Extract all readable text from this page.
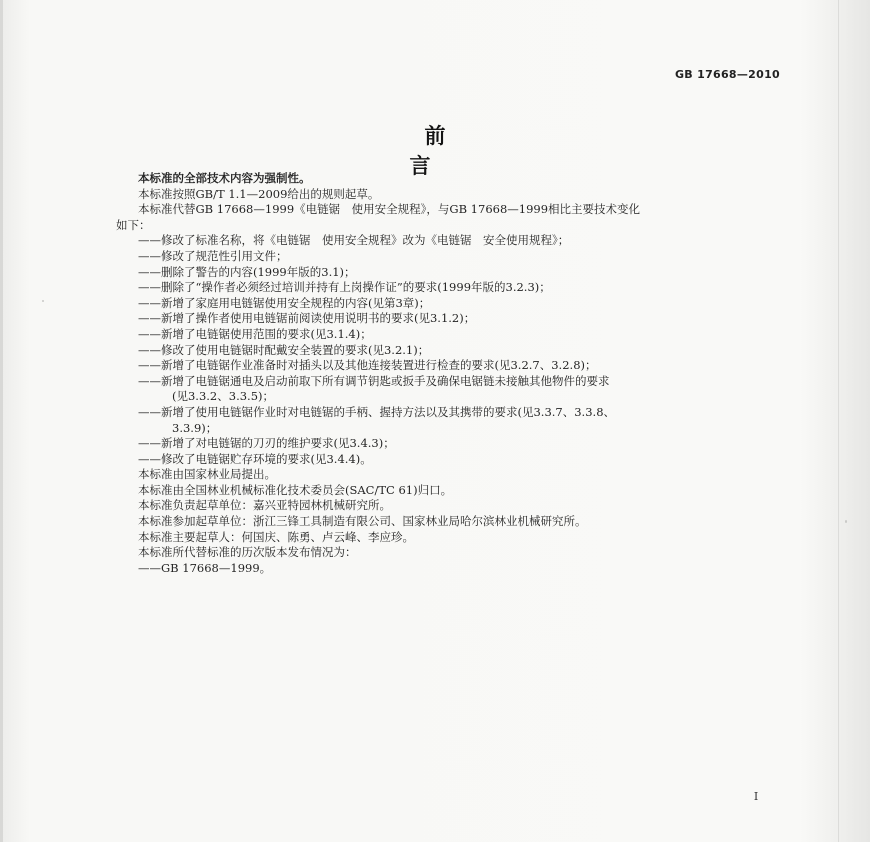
GB 17668—2010
前　言
本标准的全部技术内容为强制性。
本标准按照GB/T 1.1—2009给出的规则起草。
本标准代替GB 17668—1999《电链锯　使用安全规程》，与GB 17668—1999相比主要技术变化
如下：
——修改了标准名称，将《电链锯　使用安全规程》改为《电链锯　安全使用规程》；
——修改了规范性引用文件；
——删除了警告的内容(1999年版的3.1)；
——删除了“操作者必须经过培训并持有上岗操作证”的要求(1999年版的3.2.3)；
——新增了家庭用电链锯使用安全规程的内容(见第3章)；
——新增了操作者使用电链锯前阅读使用说明书的要求(见3.1.2)；
——新增了电链锯使用范围的要求(见3.1.4)；
——修改了使用电链锯时配戴安全装置的要求(见3.2.1)；
——新增了电链锯作业准备时对插头以及其他连接装置进行检查的要求(见3.2.7、3.2.8)；
——新增了电链锯通电及启动前取下所有调节钥匙或扳手及确保电锯链未接触其他物件的要求
(见3.3.2、3.3.5)；
——新增了使用电链锯作业时对电链锯的手柄、握持方法以及其携带的要求(见3.3.7、3.3.8、
3.3.9)；
——新增了对电链锯的刀刃的维护要求(见3.4.3)；
——修改了电链锯贮存环境的要求(见3.4.4)。
本标准由国家林业局提出。
本标准由全国林业机械标准化技术委员会(SAC/TC 61)归口。
本标准负责起草单位：嘉兴亚特园林机械研究所。
本标准参加起草单位：浙江三锋工具制造有限公司、国家林业局哈尔滨林业机械研究所。
本标准主要起草人：何国庆、陈勇、卢云峰、李应珍。
本标准所代替标准的历次版本发布情况为：
——GB 17668—1999。
I
